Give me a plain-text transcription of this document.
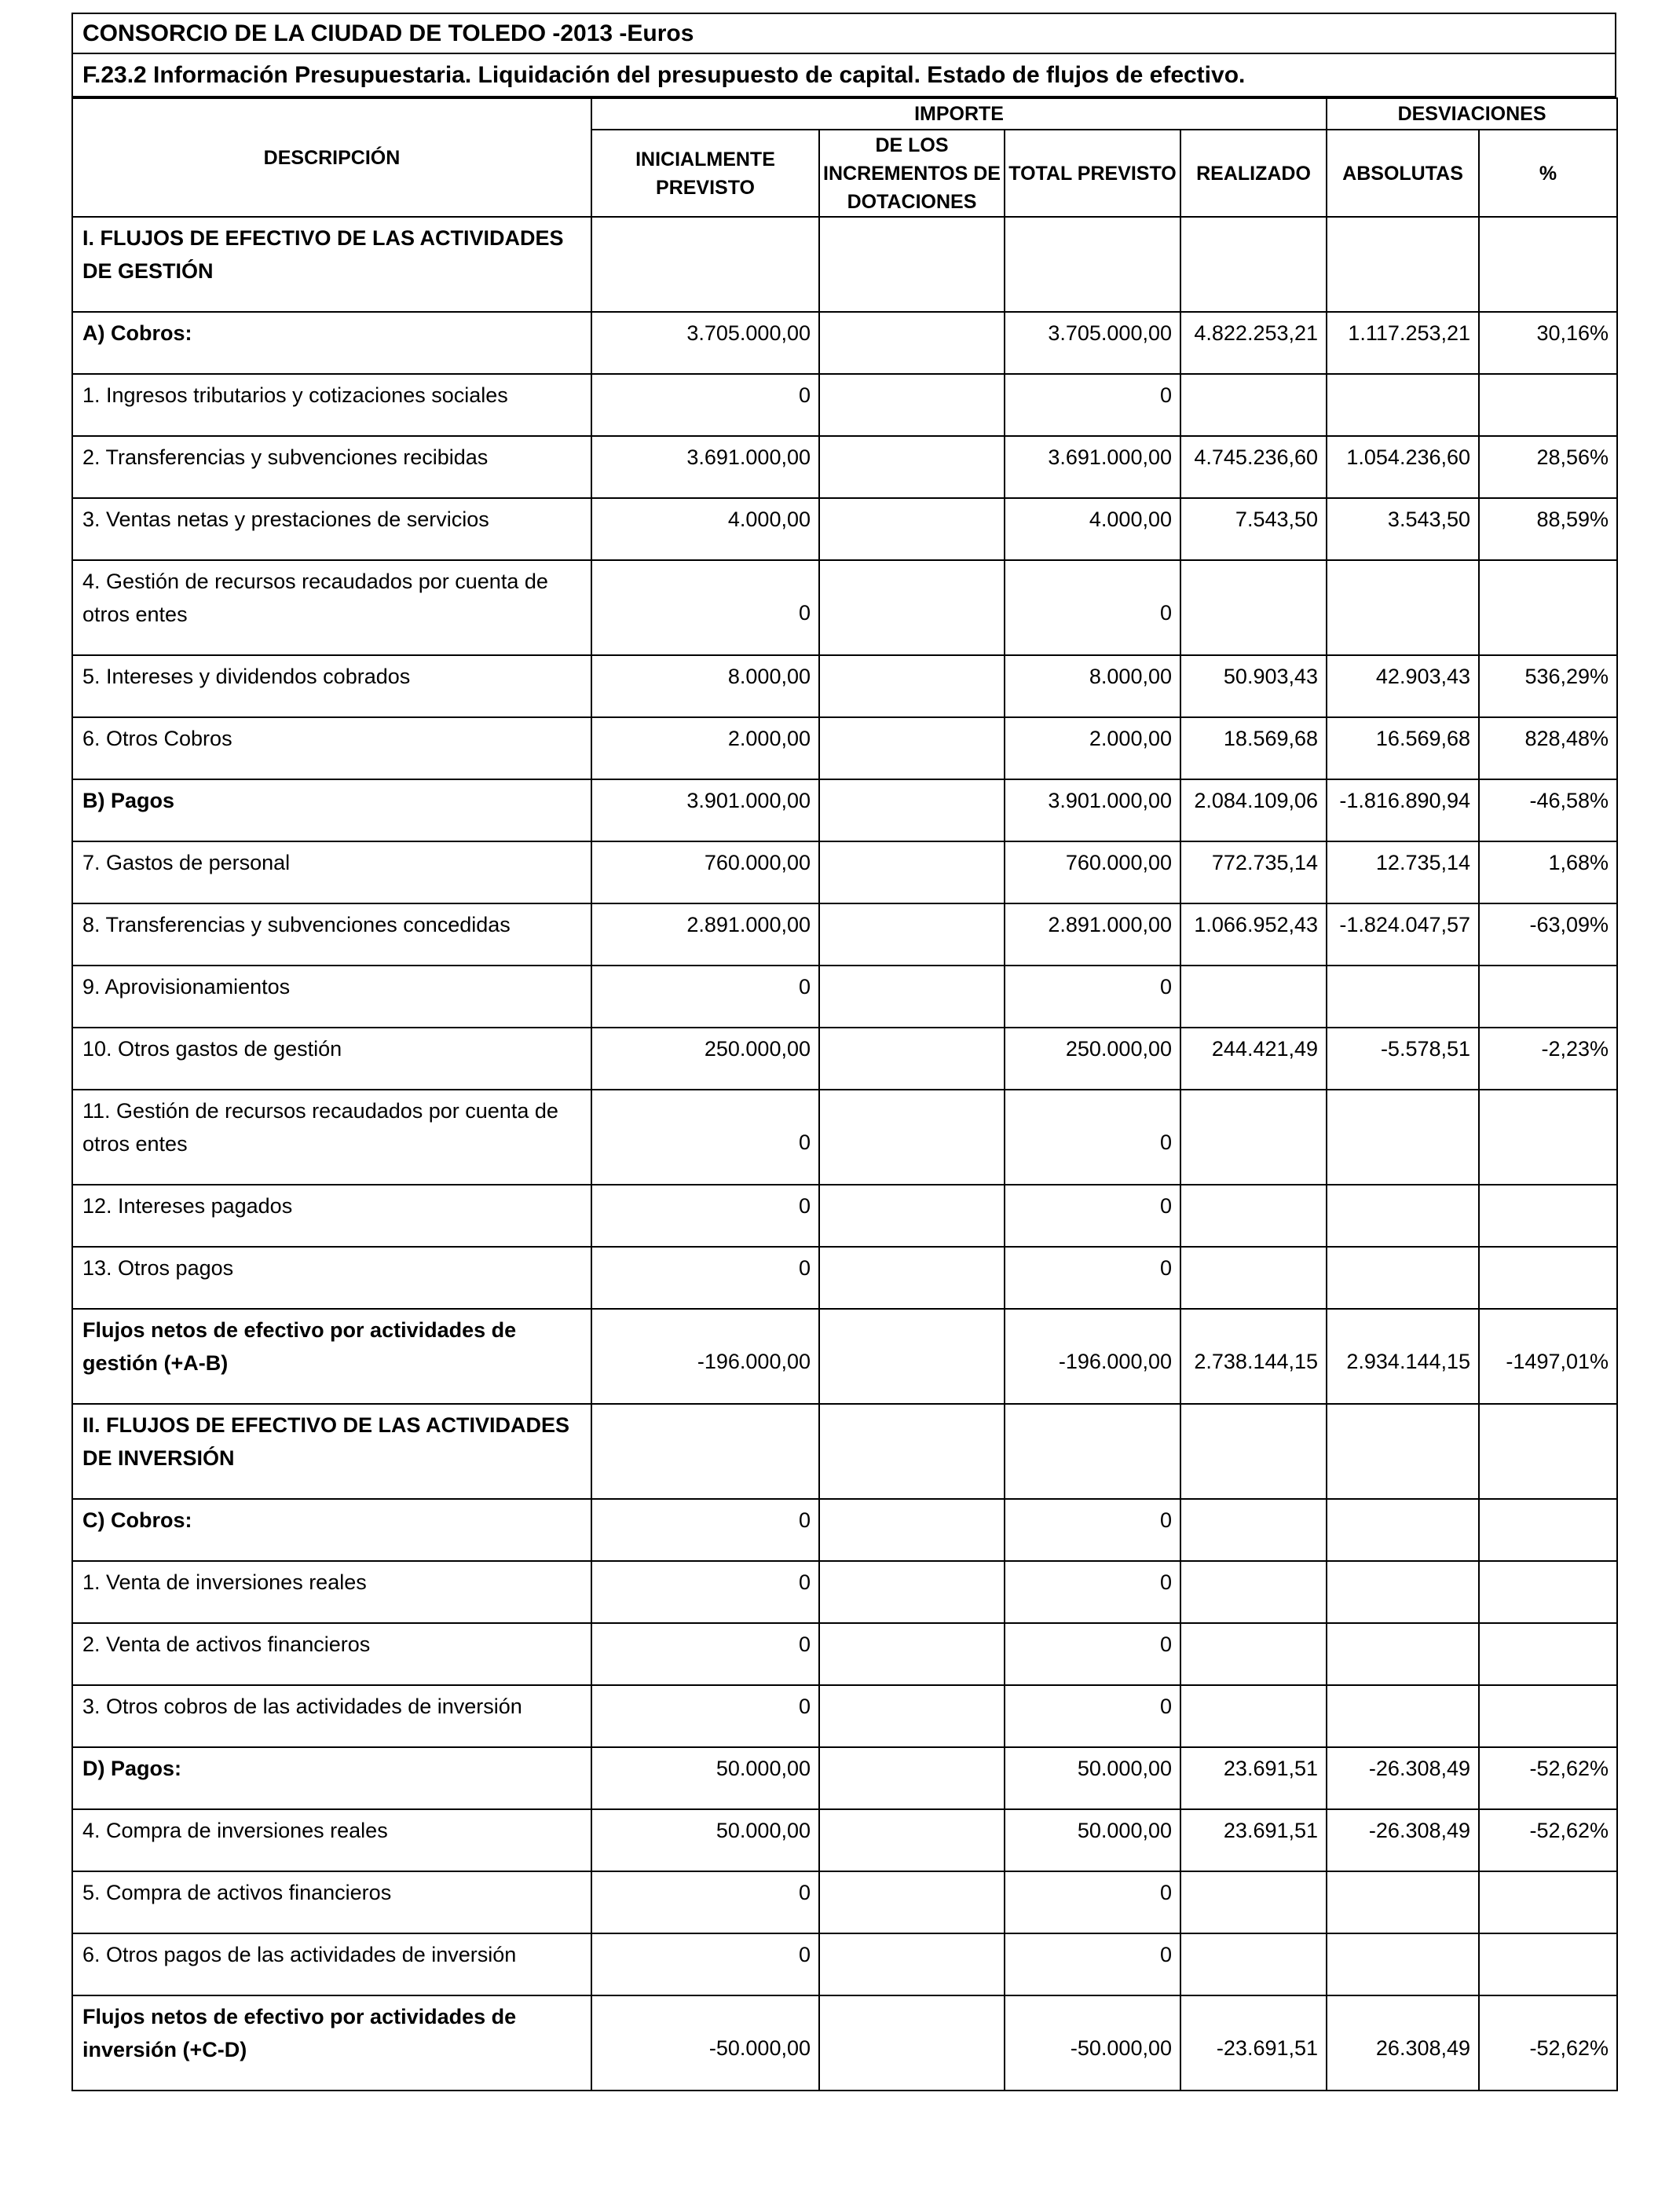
CONSORCIO DE LA CIUDAD DE TOLEDO -2013 -Euros
F.23.2 Información Presupuestaria. Liquidación del presupuesto de capital. Estado de flujos de efectivo.
DESCRIPCIÓN	IMPORTE				DESVIACIONES	
	INICIALMENTE PREVISTO	DE LOS INCREMENTOS DE DOTACIONES	TOTAL PREVISTO	REALIZADO	ABSOLUTAS	%
I. FLUJOS DE EFECTIVO DE LAS ACTIVIDADES DE GESTIÓN						
A) Cobros:	3.705.000,00		3.705.000,00	4.822.253,21	1.117.253,21	30,16%
1. Ingresos tributarios y cotizaciones sociales	0		0			
2. Transferencias y subvenciones recibidas	3.691.000,00		3.691.000,00	4.745.236,60	1.054.236,60	28,56%
3. Ventas netas y prestaciones de servicios	4.000,00		4.000,00	7.543,50	3.543,50	88,59%
4. Gestión de recursos recaudados por cuenta de otros entes	0		0			
5. Intereses y dividendos cobrados	8.000,00		8.000,00	50.903,43	42.903,43	536,29%
6. Otros Cobros	2.000,00		2.000,00	18.569,68	16.569,68	828,48%
B) Pagos	3.901.000,00		3.901.000,00	2.084.109,06	-1.816.890,94	-46,58%
7. Gastos de personal	760.000,00		760.000,00	772.735,14	12.735,14	1,68%
8. Transferencias y subvenciones concedidas	2.891.000,00		2.891.000,00	1.066.952,43	-1.824.047,57	-63,09%
9. Aprovisionamientos	0		0			
10. Otros gastos de gestión	250.000,00		250.000,00	244.421,49	-5.578,51	-2,23%
11. Gestión de recursos recaudados por cuenta de otros entes	0		0			
12. Intereses pagados	0		0			
13. Otros pagos	0		0			
Flujos netos de efectivo por actividades de gestión (+A-B)	-196.000,00		-196.000,00	2.738.144,15	2.934.144,15	-1497,01%
II. FLUJOS DE EFECTIVO DE LAS ACTIVIDADES DE INVERSIÓN						
C) Cobros:	0		0			
1. Venta de inversiones reales	0		0			
2. Venta de activos financieros	0		0			
3. Otros cobros de las actividades de inversión	0		0			
D) Pagos:	50.000,00		50.000,00	23.691,51	-26.308,49	-52,62%
4. Compra de inversiones reales	50.000,00		50.000,00	23.691,51	-26.308,49	-52,62%
5. Compra de activos financieros	0		0			
6. Otros pagos de las actividades de inversión	0		0			
Flujos netos de efectivo por actividades de inversión (+C-D)	-50.000,00		-50.000,00	-23.691,51	26.308,49	-52,62%
